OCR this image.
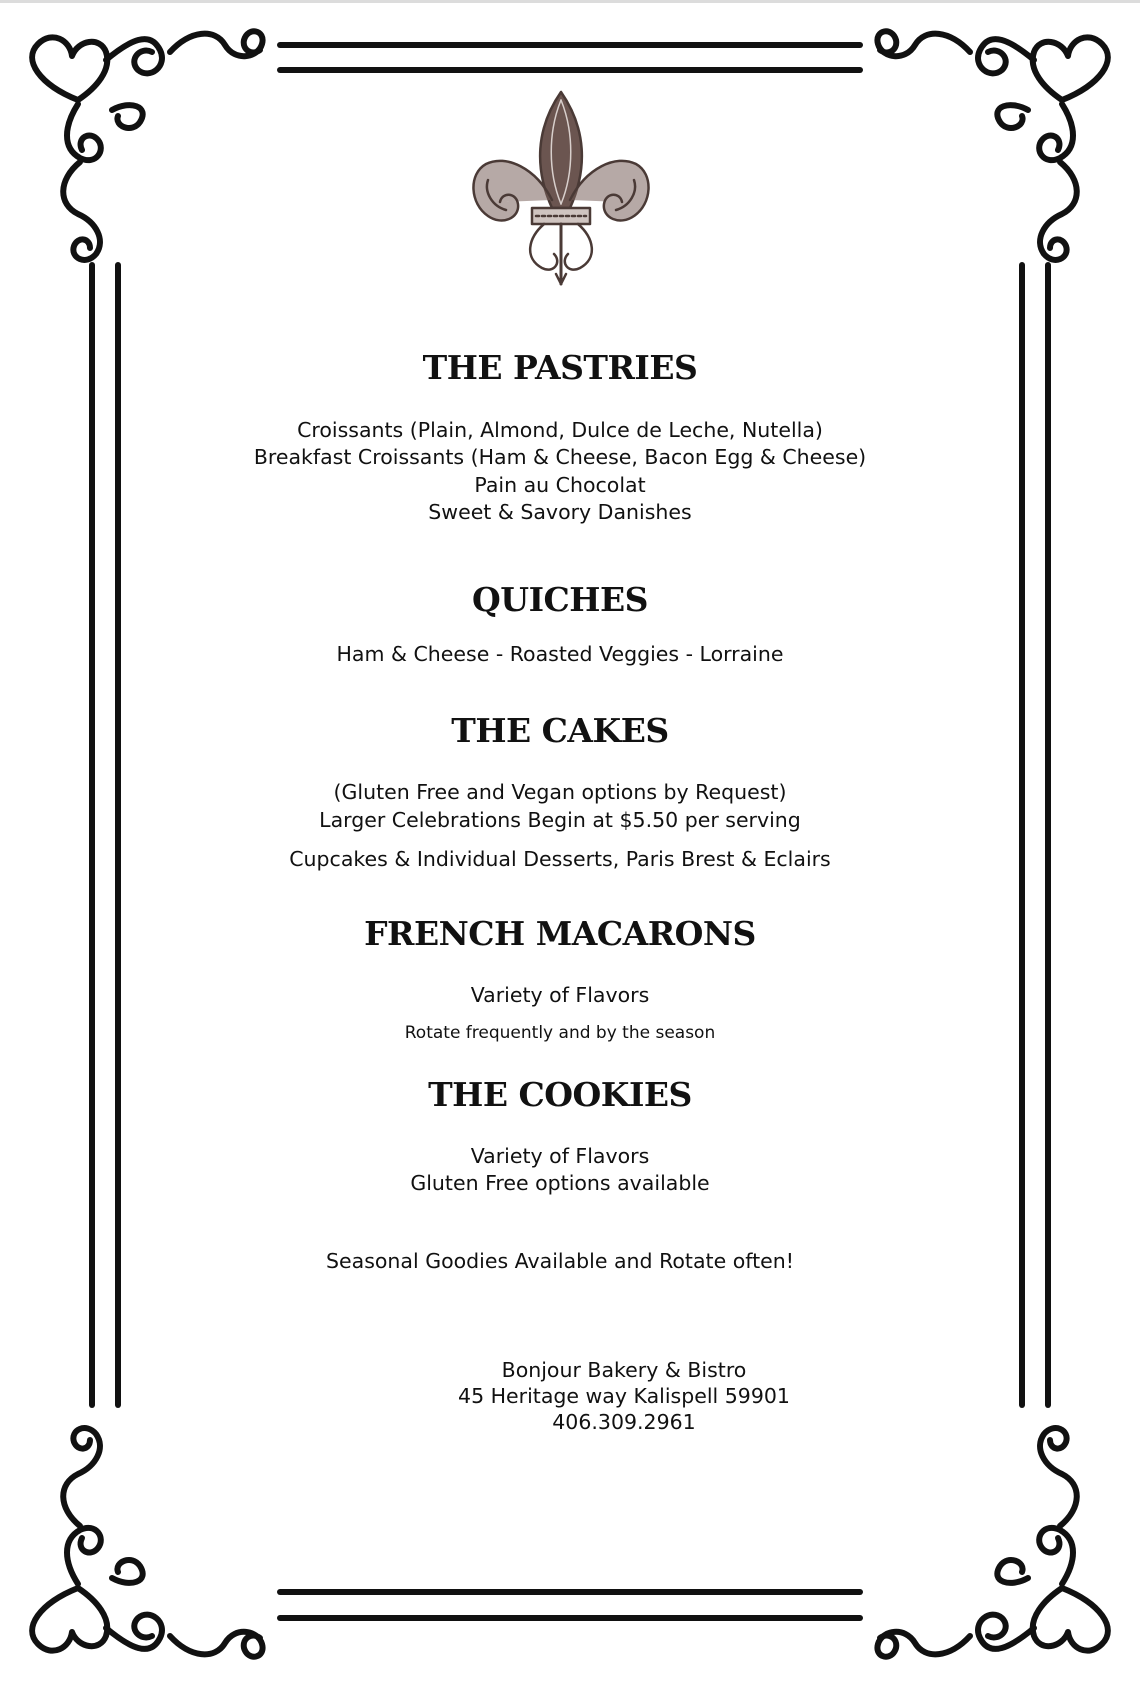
THE PASTRIES

Croissants (Plain, Almond, Dulce de Leche, Nutella)

Breakfast Croissants (Ham & Cheese, Bacon Egg & Cheese)

Pain au Chocolat

Sweet & Savory Danishes

QUICHES

Ham & Cheese - Roasted Veggies - Lorraine

THE CAKES

(Gluten Free and Vegan options by Request)

Larger Celebrations Begin at $5.50 per serving

Cupcakes & Individual Desserts, Paris Brest & Eclairs

FRENCH MACARONS

Variety of Flavors

Rotate frequently and by the season

THE COOKIES

Variety of Flavors

Gluten Free options available

Seasonal Goodies Available and Rotate often!

Bonjour Bakery & Bistro

45 Heritage way Kalispell 59901

406.309.2961
